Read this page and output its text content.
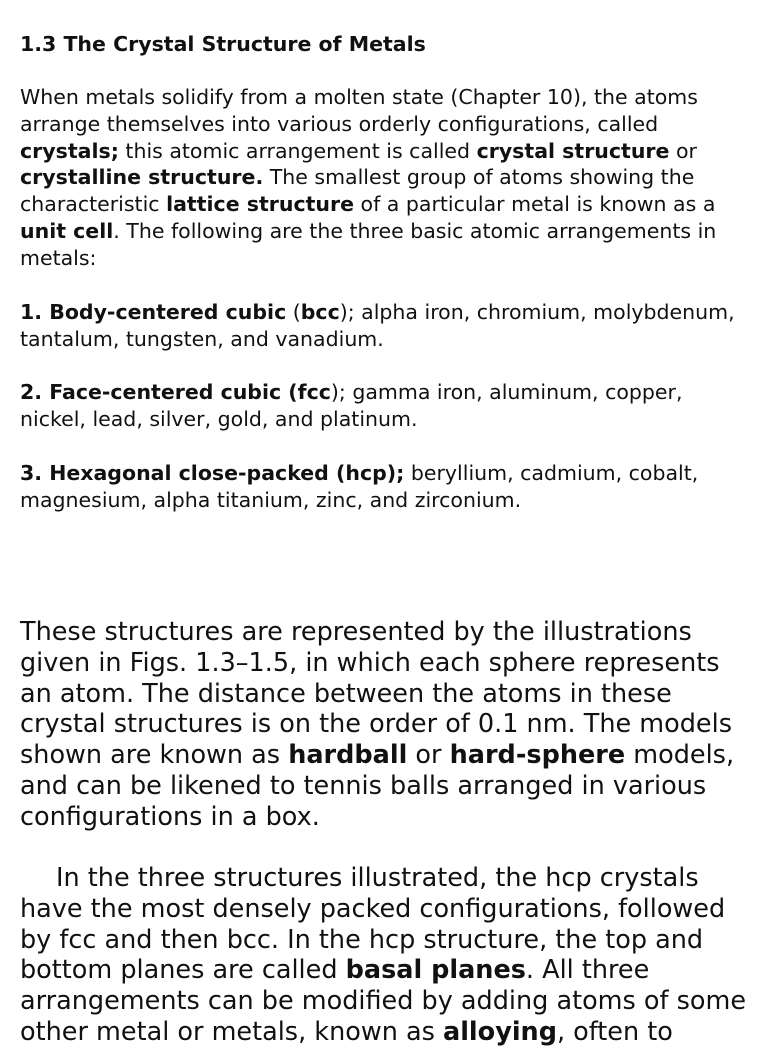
1.3 The Crystal Structure of Metals

When metals solidify from a molten state (Chapter 10), the atoms arrange themselves into various orderly configurations, called crystals; this atomic arrangement is called crystal structure or crystalline structure. The smallest group of atoms showing the characteristic lattice structure of a particular metal is known as a unit cell. The following are the three basic atomic arrangements in metals:

1. Body-centered cubic (bcc); alpha iron, chromium, molybdenum, tantalum, tungsten, and vanadium.

2. Face-centered cubic (fcc); gamma iron, aluminum, copper, nickel, lead, silver, gold, and platinum.

3. Hexagonal close-packed (hcp); beryllium, cadmium, cobalt, magnesium, alpha titanium, zinc, and zirconium.

These structures are represented by the illustrations given in Figs. 1.3–1.5, in which each sphere represents an atom. The distance between the atoms in these crystal structures is on the order of 0.1 nm. The models shown are known as hardball or hard-sphere models, and can be likened to tennis balls arranged in various configurations in a box.

In the three structures illustrated, the hcp crystals have the most densely packed configurations, followed by fcc and then bcc. In the hcp structure, the top and bottom planes are called basal planes. All three arrangements can be modified by adding atoms of some other metal or metals, known as alloying, often to
